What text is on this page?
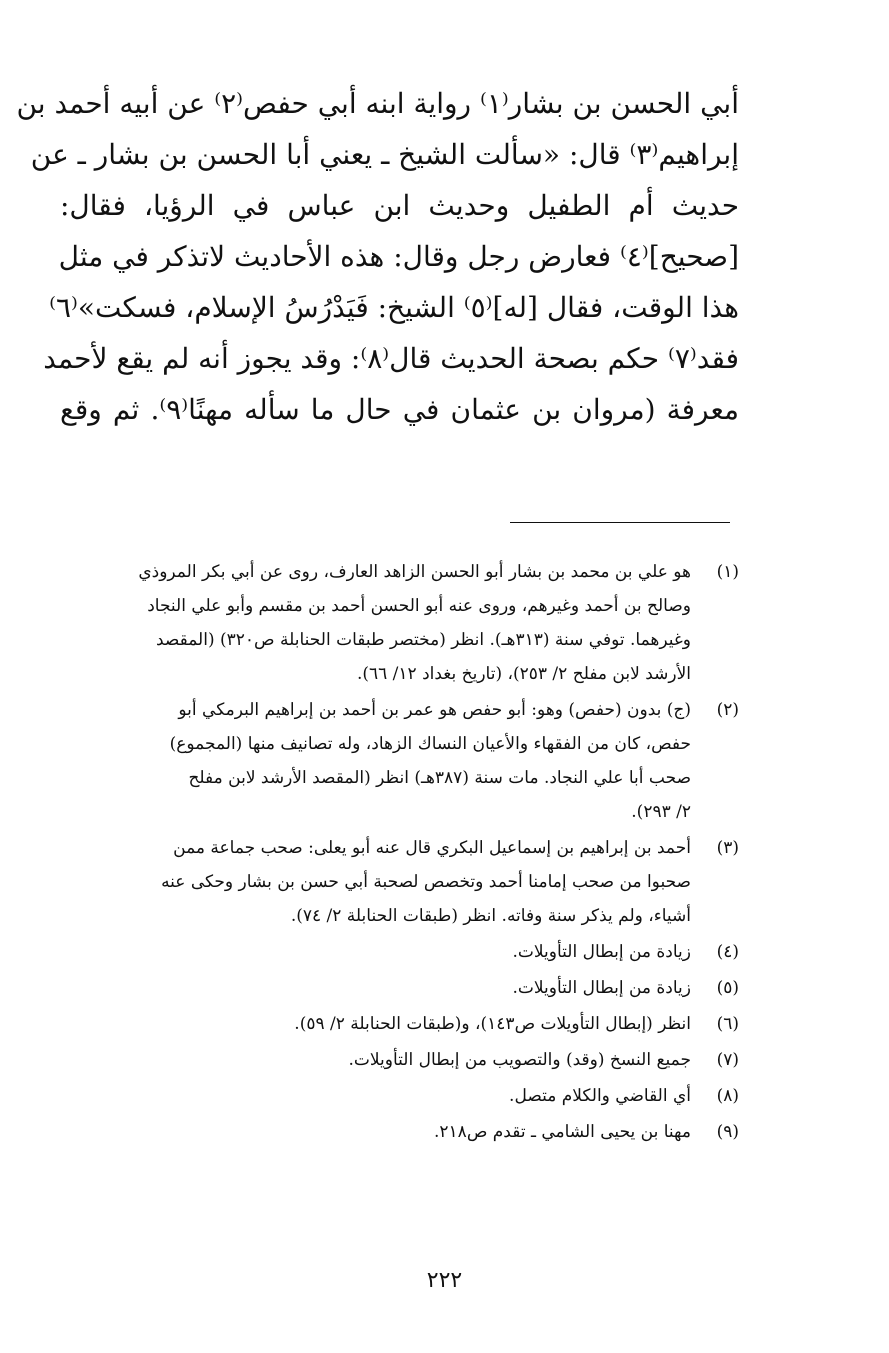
أبي الحسن بن بشار⁽١⁾ رواية ابنه أبي حفص⁽٢⁾ عن أبيه أحمد بن
إبراهيم⁽٣⁾ قال: «سألت الشيخ ـ يعني أبا الحسن بن بشار ـ عن
حديث أم الطفيل وحديث ابن عباس في الرؤيا، فقال:
[صحيح]⁽٤⁾ فعارض رجل وقال: هذه الأحاديث لاتذكر في مثل
هذا الوقت، فقال [له]⁽٥⁾ الشيخ: فَيَدْرُسُ الإسلام، فسكت»⁽٦⁾
فقد⁽٧⁾ حكم بصحة الحديث قال⁽٨⁾: وقد يجوز أنه لم يقع لأحمد
معرفة (مروان بن عثمان في حال ما سأله مهنًا⁽٩⁾. ثم وقع
(١)
هو علي بن محمد بن بشار أبو الحسن الزاهد العارف، روى عن أبي بكر المروذي
وصالح بن أحمد وغيرهم، وروى عنه أبو الحسن أحمد بن مقسم وأبو علي النجاد
وغيرهما. توفي سنة (٣١٣هـ). انظر (مختصر طبقات الحنابلة ص٣٢٠) (المقصد
الأرشد لابن مفلح ٢/ ٢٥٣)، (تاريخ بغداد ١٢/ ٦٦).
(٢)
(ج) بدون (حفص) وهو: أبو حفص هو عمر بن أحمد بن إبراهيم البرمكي أبو
حفص، كان من الفقهاء والأعيان النساك الزهاد، وله تصانيف منها (المجموع)
صحب أبا علي النجاد. مات سنة (٣٨٧هـ) انظر (المقصد الأرشد لابن مفلح
٢/ ٢٩٣).
(٣)
أحمد بن إبراهيم بن إسماعيل البكري قال عنه أبو يعلى: صحب جماعة ممن
صحبوا من صحب إمامنا أحمد وتخصص لصحبة أبي حسن بن بشار وحكى عنه
أشياء، ولم يذكر سنة وفاته. انظر (طبقات الحنابلة ٢/ ٧٤).
(٤)
زيادة من إبطال التأويلات.
(٥)
زيادة من إبطال التأويلات.
(٦)
انظر (إبطال التأويلات ص١٤٣)، و(طبقات الحنابلة ٢/ ٥٩).
(٧)
جميع النسخ (وقد) والتصويب من إبطال التأويلات.
(٨)
أي القاضي والكلام متصل.
(٩)
مهنا بن يحيى الشامي ـ تقدم ص٢١٨.
٢٢٢
